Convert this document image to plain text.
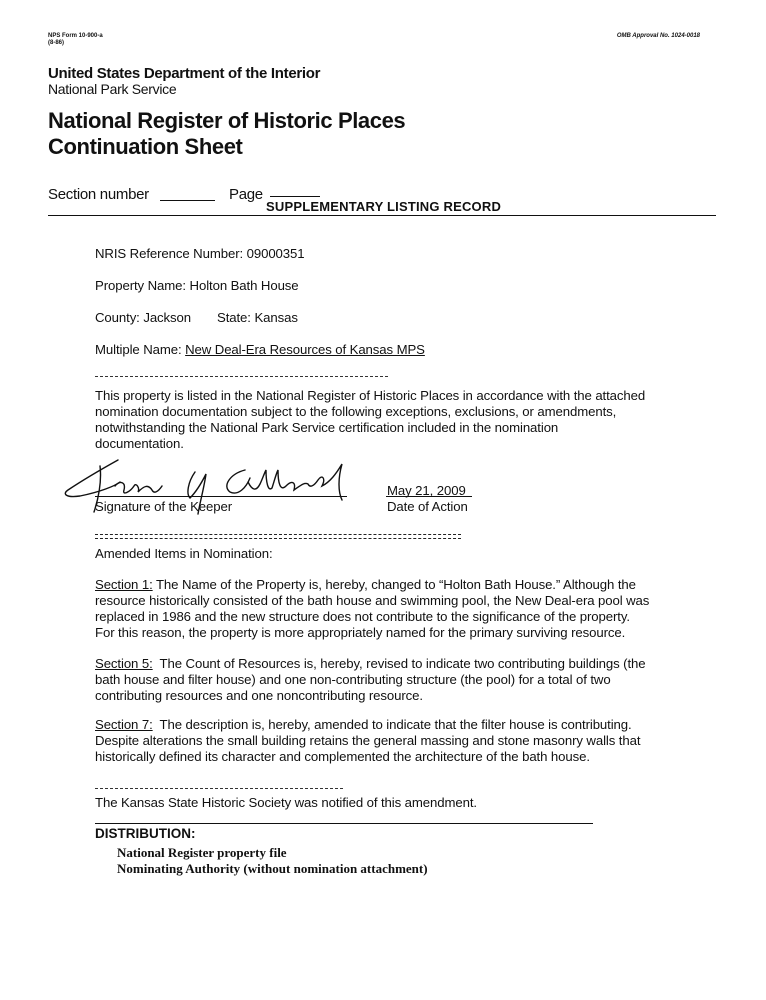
NPS Form 10-900-a
(8-86)
OMB Approval No. 1024-0018
United States Department of the Interior
National Park Service
National Register of Historic Places
Continuation Sheet
Section number	Page
SUPPLEMENTARY LISTING RECORD
NRIS Reference Number: 09000351
Property Name: Holton Bath House
County: Jackson State: Kansas
Multiple Name: New Deal-Era Resources of Kansas MPS
This property is listed in the National Register of Historic Places in accordance with the attached
nomination documentation subject to the following exceptions, exclusions, or amendments,
notwithstanding the National Park Service certification included in the nomination
documentation.
Signature of the Keeper
May 21, 2009
Date of Action
Amended Items in Nomination:
Section 1: The Name of the Property is, hereby, changed to “Holton Bath House.” Although the
resource historically consisted of the bath house and swimming pool, the New Deal-era pool was
replaced in 1986 and the new structure does not contribute to the significance of the property.
For this reason, the property is more appropriately named for the primary surviving resource.
Section 5:  The Count of Resources is, hereby, revised to indicate two contributing buildings (the
bath house and filter house) and one non-contributing structure (the pool) for a total of two
contributing resources and one noncontributing resource.
Section 7:  The description is, hereby, amended to indicate that the filter house is contributing.
Despite alterations the small building retains the general massing and stone masonry walls that
historically defined its character and complemented the architecture of the bath house.
The Kansas State Historic Society was notified of this amendment.
DISTRIBUTION:
National Register property file
Nominating Authority (without nomination attachment)
